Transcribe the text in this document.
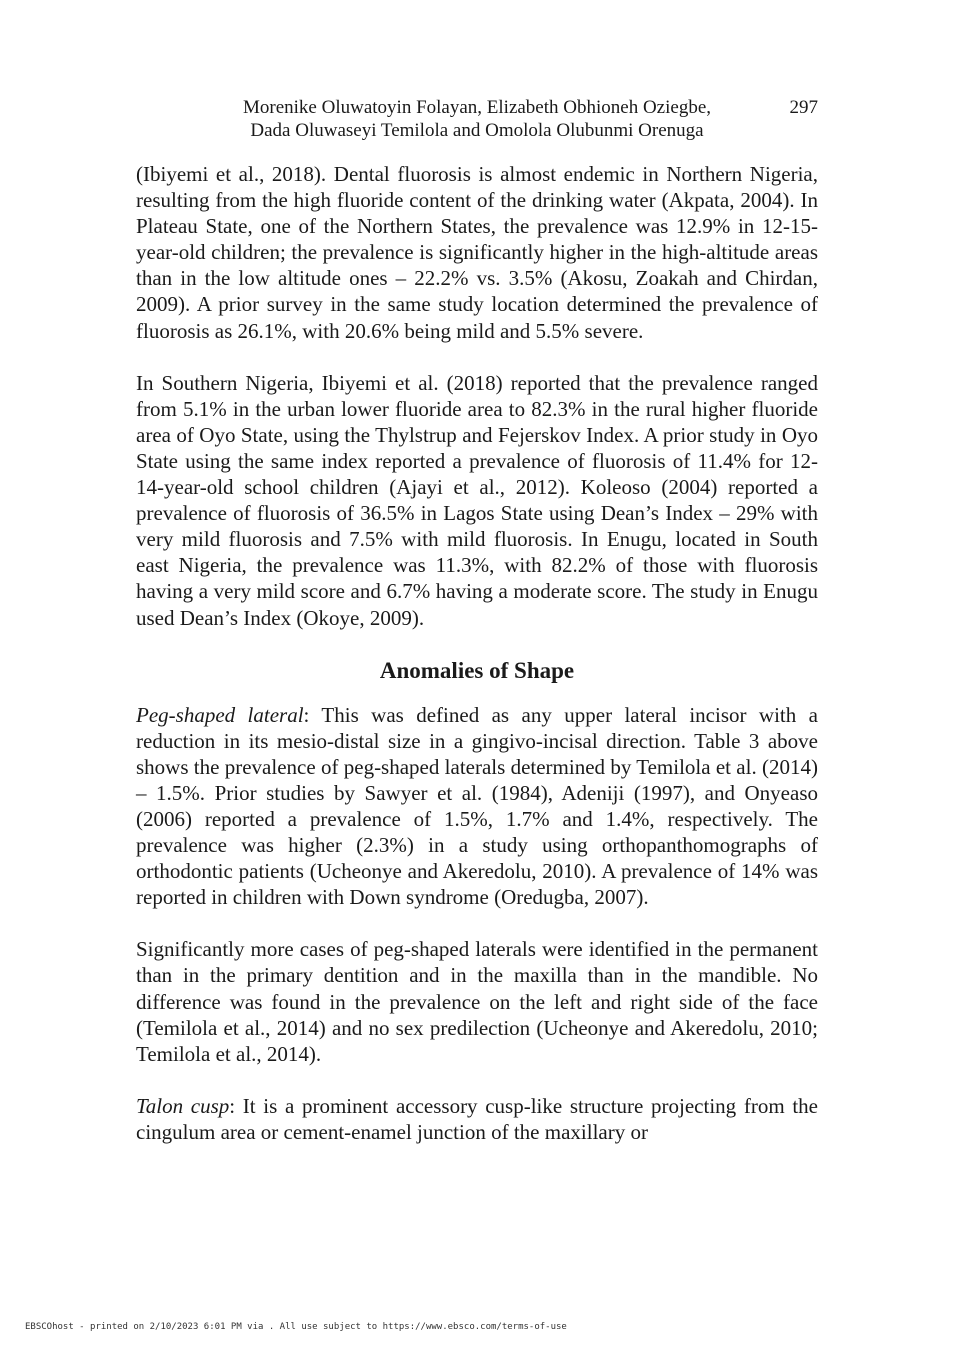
Morenike Oluwatoyin Folayan, Elizabeth Obhioneh Oziegbe,
Dada Oluwaseyi Temilola and Omolola Olubunmi Orenuga
297

(Ibiyemi et al., 2018). Dental fluorosis is almost endemic in Northern Nigeria, resulting from the high fluoride content of the drinking water (Akpata, 2004). In Plateau State, one of the Northern States, the prevalence was 12.9% in 12-15-year-old children; the prevalence is significantly higher in the high-altitude areas than in the low altitude ones – 22.2% vs. 3.5% (Akosu, Zoakah and Chirdan, 2009). A prior survey in the same study location determined the prevalence of fluorosis as 26.1%, with 20.6% being mild and 5.5% severe.

In Southern Nigeria, Ibiyemi et al. (2018) reported that the prevalence ranged from 5.1% in the urban lower fluoride area to 82.3% in the rural higher fluoride area of Oyo State, using the Thylstrup and Fejerskov Index. A prior study in Oyo State using the same index reported a prevalence of fluorosis of 11.4% for 12-14-year-old school children (Ajayi et al., 2012). Koleoso (2004) reported a prevalence of fluorosis of 36.5% in Lagos State using Dean’s Index – 29% with very mild fluorosis and 7.5% with mild fluorosis. In Enugu, located in South east Nigeria, the prevalence was 11.3%, with 82.2% of those with fluorosis having a very mild score and 6.7% having a moderate score. The study in Enugu used Dean’s Index (Okoye, 2009).

Anomalies of Shape

Peg-shaped lateral: This was defined as any upper lateral incisor with a reduction in its mesio-distal size in a gingivo-incisal direction. Table 3 above shows the prevalence of peg-shaped laterals determined by Temilola et al. (2014) – 1.5%. Prior studies by Sawyer et al. (1984), Adeniji (1997), and Onyeaso (2006) reported a prevalence of 1.5%, 1.7% and 1.4%, respectively. The prevalence was higher (2.3%) in a study using orthopanthomographs of orthodontic patients (Ucheonye and Akeredolu, 2010). A prevalence of 14% was reported in children with Down syndrome (Oredugba, 2007).

Significantly more cases of peg-shaped laterals were identified in the permanent than in the primary dentition and in the maxilla than in the mandible. No difference was found in the prevalence on the left and right side of the face (Temilola et al., 2014) and no sex predilection (Ucheonye and Akeredolu, 2010; Temilola et al., 2014).

Talon cusp: It is a prominent accessory cusp-like structure projecting from the cingulum area or cement-enamel junction of the maxillary or

EBSCOhost - printed on 2/10/2023 6:01 PM via . All use subject to https://www.ebsco.com/terms-of-use
